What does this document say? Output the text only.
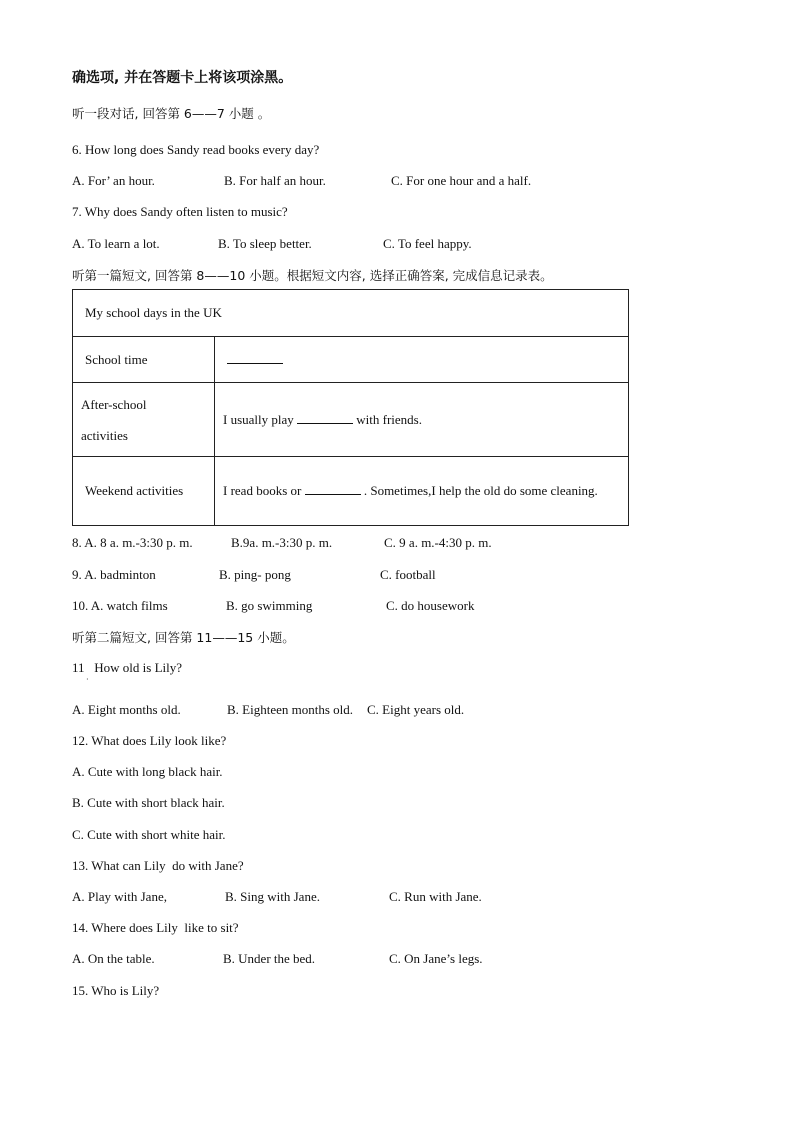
确选项, 并在答题卡上将该项涂黑。
听一段对话, 回答第 6——7 小题 。
6. How long does Sandy read books every day?
A. For’ an hour.	B. For half an hour.	C. For one hour and a half.
7. Why does Sandy often listen to music?
A. To learn a lot.	B. To sleep better.	C. To feel happy.
听第一篇短文, 回答第 8——10 小题。根据短文内容, 选择正确答案, 完成信息记录表。
My school days in the UK	
School time	
After-school
activities	I usually play with friends.
Weekend activities	I read books or . Sometimes,I help the old do some cleaning.
8. A. 8 a. m.-3:30 p. m.	B.9a. m.-3:30 p. m.	C. 9 a. m.-4:30 p. m.
9. A. badminton	B. ping- pong	C. football
10. A. watch films	B. go swimming	C. do housework
听第二篇短文, 回答第 11——15 小题。
11   How old is Lily?
·
A. Eight months old.	B. Eighteen months old. C. Eight years old.
12. What does Lily look like?
A. Cute with long black hair.
B. Cute with short black hair.
C. Cute with short white hair.
13. What can Lily  do with Jane?
A. Play with Jane,	B. Sing with Jane.	C. Run with Jane.
14. Where does Lily  like to sit?
A. On the table.	B. Under the bed.	C. On Jane’s legs.
15. Who is Lily?
